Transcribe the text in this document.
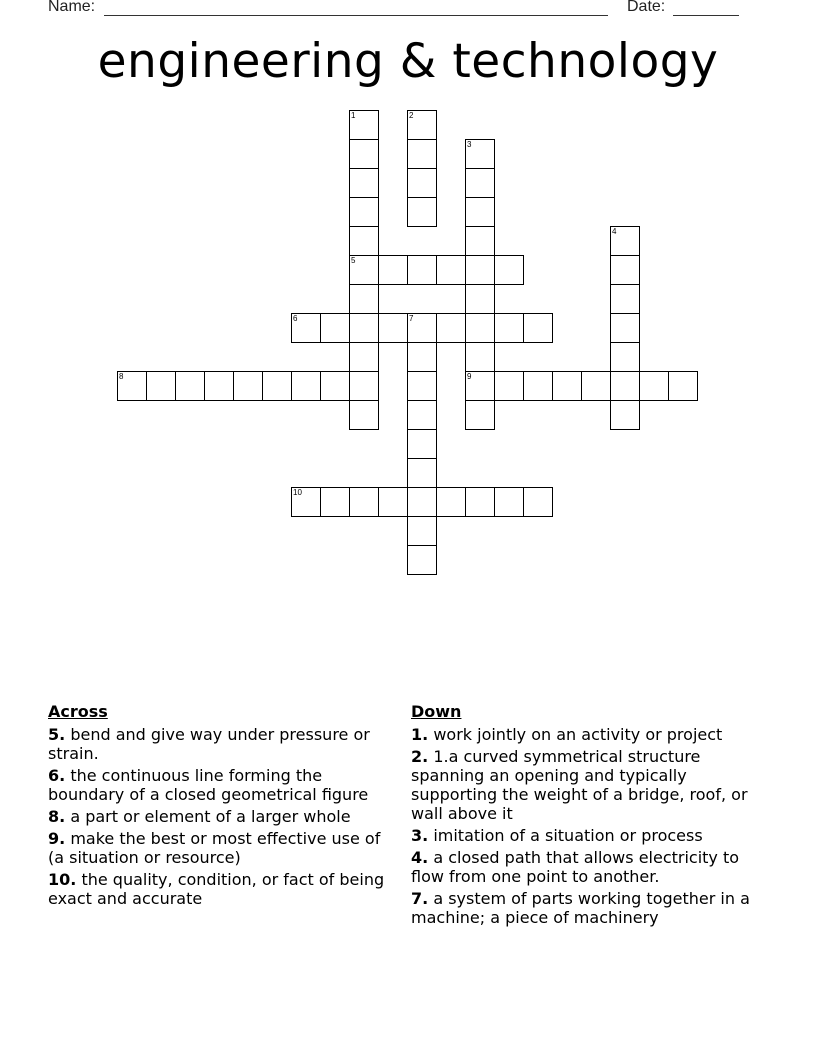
Name:	Date:
engineering & technology
1	2
3
4
5
6	7
8	9
10
Across
5. bend and give way under pressure or strain.
6. the continuous line forming the boundary of a closed geometrical figure
8. a part or element of a larger whole
9. make the best or most effective use of (a situation or resource)
10. the quality, condition, or fact of being exact and accurate
Down
1. work jointly on an activity or project
2. 1.a curved symmetrical structure spanning an opening and typically supporting the weight of a bridge, roof, or wall above it
3. imitation of a situation or process
4. a closed path that allows electricity to flow from one point to another.
7. a system of parts working together in a machine; a piece of machinery
